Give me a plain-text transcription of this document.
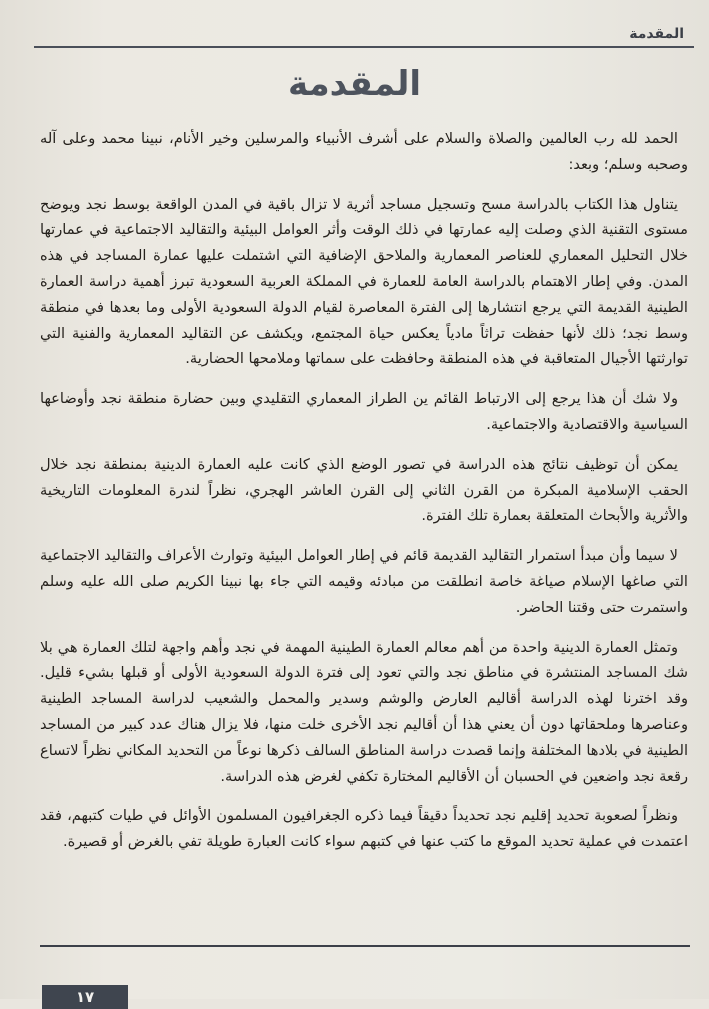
المقدمة
المقدمة

الحمد لله رب العالمين والصلاة والسلام على أشرف الأنبياء والمرسلين وخير الأنام، نبينا محمد وعلى آله وصحبه وسلم؛ وبعد:

يتناول هذا الكتاب بالدراسة مسح وتسجيل مساجد أثرية لا تزال باقية في المدن الواقعة بوسط نجد ويوضح مستوى التقنية الذي وصلت إليه عمارتها في ذلك الوقت وأثر العوامل البيئية والتقاليد الاجتماعية في عمارتها خلال التحليل المعماري للعناصر المعمارية والملاحق الإضافية التي اشتملت عليها عمارة المساجد في هذه المدن. وفي إطار الاهتمام بالدراسة العامة للعمارة في المملكة العربية السعودية تبرز أهمية دراسة العمارة الطينية القديمة التي يرجع انتشارها إلى الفترة المعاصرة لقيام الدولة السعودية الأولى وما بعدها في منطقة وسط نجد؛ ذلك لأنها حفظت تراثاً مادياً يعكس حياة المجتمع، ويكشف عن التقاليد المعمارية والفنية التي توارثتها الأجيال المتعاقبة في هذه المنطقة وحافظت على سماتها وملامحها الحضارية.

ولا شك أن هذا يرجع إلى الارتباط القائم ين الطراز المعماري التقليدي وبين حضارة منطقة نجد وأوضاعها السياسية والاقتصادية والاجتماعية.

يمكن أن توظيف نتائج هذه الدراسة في تصور الوضع الذي كانت عليه العمارة الدينية بمنطقة نجد خلال الحقب الإسلامية المبكرة من القرن الثاني إلى القرن العاشر الهجري، نظراً لندرة المعلومات التاريخية والأثرية والأبحاث المتعلقة بعمارة تلك الفترة.

لا سيما وأن مبدأ استمرار التقاليد القديمة قائم في إطار العوامل البيئية وتوارث الأعراف والتقاليد الاجتماعية التي صاغها الإسلام صياغة خاصة انطلقت من مبادئه وقيمه التي جاء بها نبينا الكريم صلى الله عليه وسلم واستمرت حتى وقتنا الحاضر.

وتمثل العمارة الدينية واحدة من أهم معالم العمارة الطينية المهمة في نجد وأهم واجهة لتلك العمارة هي بلا شك المساجد المنتشرة في مناطق نجد والتي تعود إلى فترة الدولة السعودية الأولى أو قبلها بشيء قليل. وقد اخترنا لهذه الدراسة أقاليم العارض والوشم وسدير والمحمل والشعيب لدراسة المساجد الطينية وعناصرها وملحقاتها دون أن يعني هذا أن أقاليم نجد الأخرى خلت منها، فلا يزال هناك عدد كبير من المساجد الطينية في بلادها المختلفة وإنما قصدت دراسة المناطق السالف ذكرها نوعاً من التحديد المكاني نظراً لاتساع رقعة نجد واضعين في الحسبان أن الأقاليم المختارة تكفي لغرض هذه الدراسة.

ونظراً لصعوبة تحديد إقليم نجد تحديداً دقيقاً فيما ذكره الجغرافيون المسلمون الأوائل في طيات كتبهم، فقد اعتمدت في عملية تحديد الموقع ما كتب عنها في كتبهم سواء كانت العبارة طويلة تفي بالغرض أو قصيرة.

١٧
